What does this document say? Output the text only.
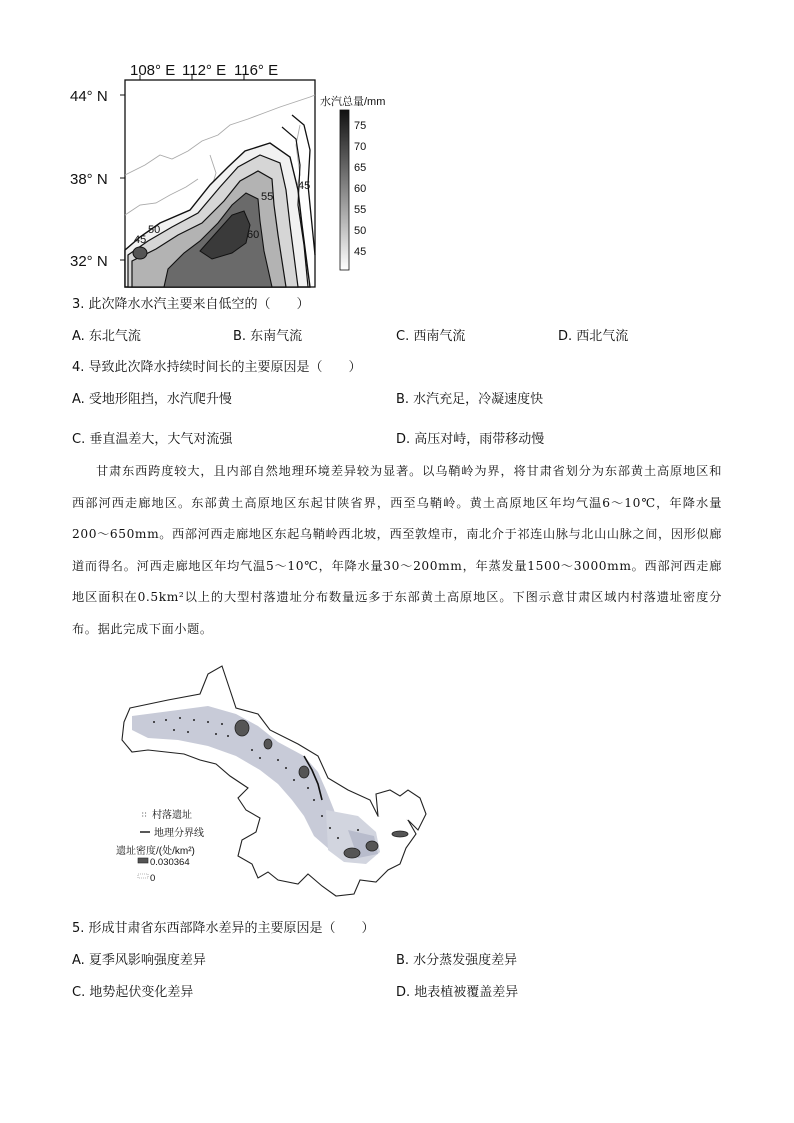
108° E 112° E 116° E
44° N
38° N
32° N
45
50
55
60
45
水汽总量/mm
75
70
65
60
55
50
45
3. 此次降水水汽主要来自低空的（　　）
A. 东北气流	B. 东南气流	C. 西南气流	D. 西北气流
4. 导致此次降水持续时间长的主要原因是（　　）
A. 受地形阻挡，水汽爬升慢	B. 水汽充足，冷凝速度快
C. 垂直温差大，大气对流强	D. 高压对峙，雨带移动慢
甘肃东西跨度较大，且内部自然地理环境差异较为显著。以乌鞘岭为界，将甘肃省划分为东部黄土高原地区和西部河西走廊地区。东部黄土高原地区东起甘陕省界，西至乌鞘岭。黄土高原地区年均气温6～10℃，年降水量200～650mm。西部河西走廊地区东起乌鞘岭西北坡，西至敦煌市，南北介于祁连山脉与北山山脉之间，因形似廊道而得名。河西走廊地区年均气温5～10℃，年降水量30～200mm，年蒸发量1500～3000mm。西部河西走廊地区面积在0.5km²以上的大型村落遗址分布数量远多于东部黄土高原地区。下图示意甘肃区域内村落遗址密度分布。据此完成下面小题。
∷ 村落遗址
地理分界线
遗址密度/(处/km²)
0.030364
0
5. 形成甘肃省东西部降水差异的主要原因是（　　）
A. 夏季风影响强度差异	B. 水分蒸发强度差异
C. 地势起伏变化差异	D. 地表植被覆盖差异
